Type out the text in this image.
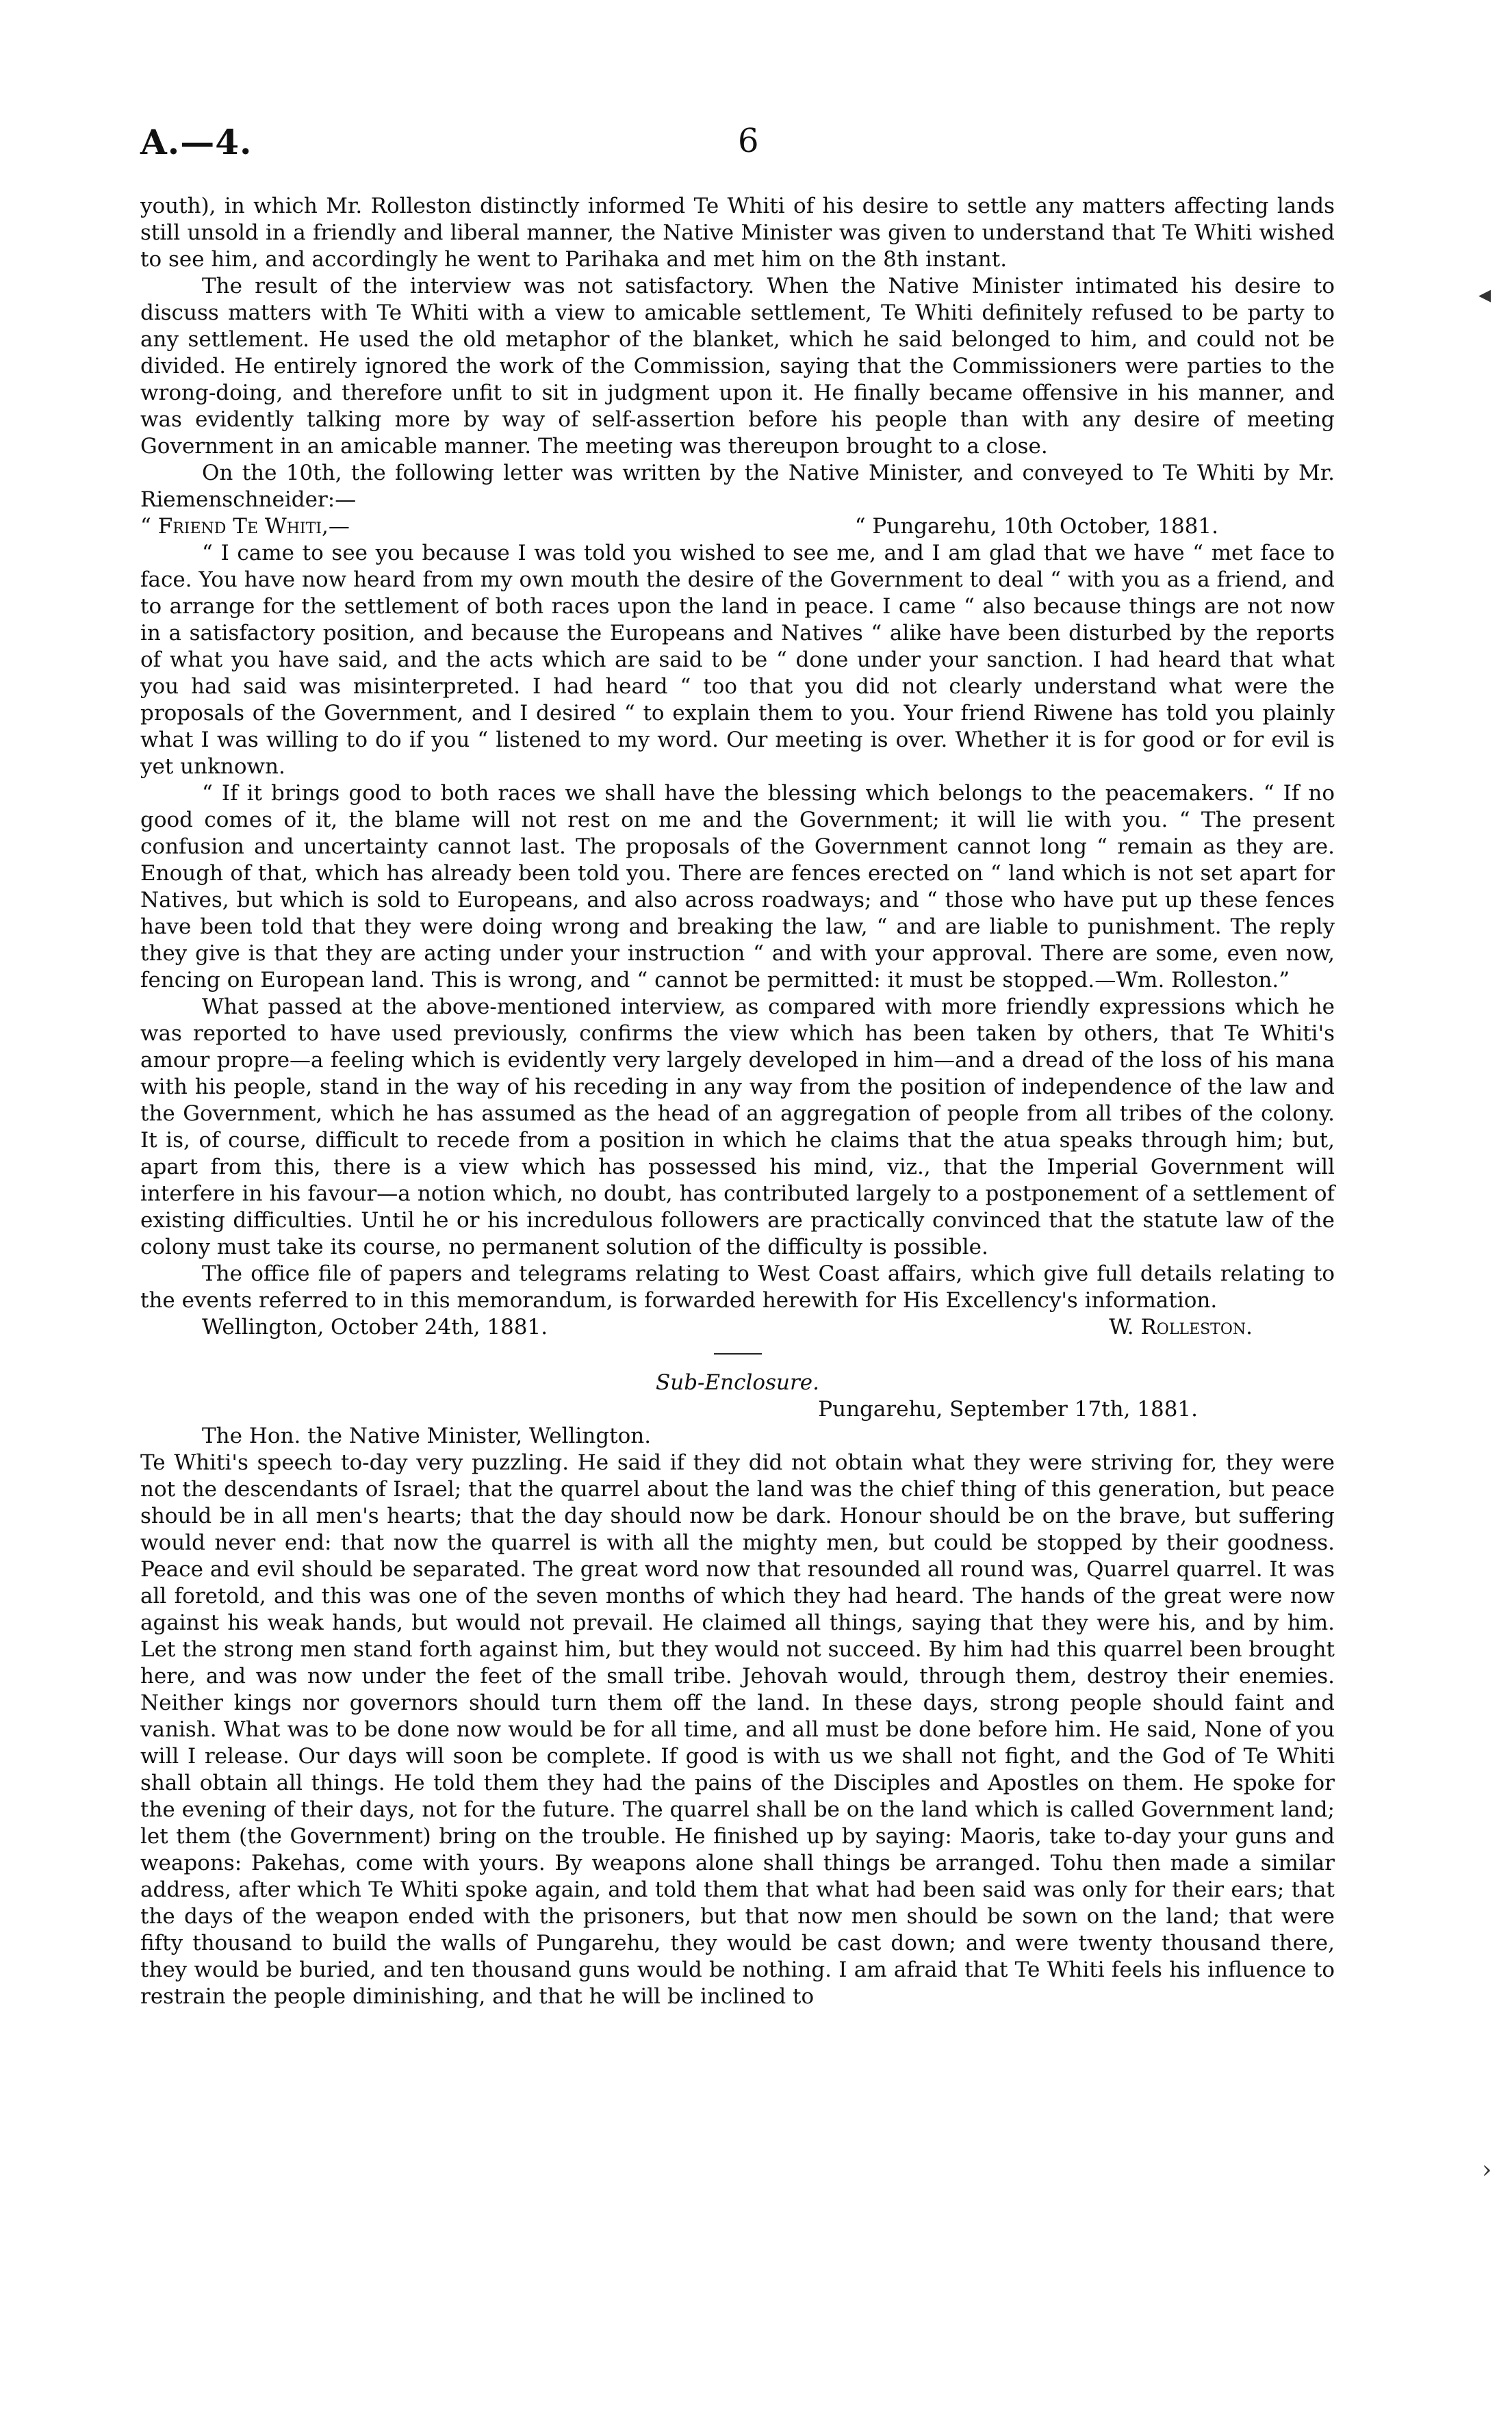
A.—4.	6

youth), in which Mr. Rolleston distinctly informed Te Whiti of his desire to settle any matters affecting lands still unsold in a friendly and liberal manner, the Native Minister was given to understand that Te Whiti wished to see him, and accordingly he went to Parihaka and met him on the 8th instant.

The result of the interview was not satisfactory. When the Native Minister intimated his desire to discuss matters with Te Whiti with a view to amicable settlement, Te Whiti definitely refused to be party to any settlement. He used the old metaphor of the blanket, which he said belonged to him, and could not be divided. He entirely ignored the work of the Commission, saying that the Commissioners were parties to the wrong-doing, and therefore unfit to sit in judgment upon it. He finally became offensive in his manner, and was evidently talking more by way of self-assertion before his people than with any desire of meeting Government in an amicable manner. The meeting was thereupon brought to a close.

On the 10th, the following letter was written by the Native Minister, and conveyed to Te Whiti by Mr. Riemenschneider:—

“ Friend Te Whiti,—	“ Pungarehu, 10th October, 1881.

“ I came to see you because I was told you wished to see me, and I am glad that we have “ met face to face. You have now heard from my own mouth the desire of the Government to deal “ with you as a friend, and to arrange for the settlement of both races upon the land in peace. I came “ also because things are not now in a satisfactory position, and because the Europeans and Natives “ alike have been disturbed by the reports of what you have said, and the acts which are said to be “ done under your sanction. I had heard that what you had said was misinterpreted. I had heard “ too that you did not clearly understand what were the proposals of the Government, and I desired “ to explain them to you. Your friend Riwene has told you plainly what I was willing to do if you “ listened to my word. Our meeting is over. Whether it is for good or for evil is yet unknown.

“ If it brings good to both races we shall have the blessing which belongs to the peacemakers. “ If no good comes of it, the blame will not rest on me and the Government; it will lie with you. “ The present confusion and uncertainty cannot last. The proposals of the Government cannot long “ remain as they are. Enough of that, which has already been told you. There are fences erected on “ land which is not set apart for Natives, but which is sold to Europeans, and also across roadways; and “ those who have put up these fences have been told that they were doing wrong and breaking the law, “ and are liable to punishment. The reply they give is that they are acting under your instruction “ and with your approval. There are some, even now, fencing on European land. This is wrong, and “ cannot be permitted: it must be stopped.—Wm. Rolleston.”

What passed at the above-mentioned interview, as compared with more friendly expressions which he was reported to have used previously, confirms the view which has been taken by others, that Te Whiti's amour propre—a feeling which is evidently very largely developed in him—and a dread of the loss of his mana with his people, stand in the way of his receding in any way from the position of independence of the law and the Government, which he has assumed as the head of an aggregation of people from all tribes of the colony. It is, of course, difficult to recede from a position in which he claims that the atua speaks through him; but, apart from this, there is a view which has possessed his mind, viz., that the Imperial Government will interfere in his favour—a notion which, no doubt, has contributed largely to a postponement of a settlement of existing difficulties. Until he or his incredulous followers are practically convinced that the statute law of the colony must take its course, no permanent solution of the difficulty is possible.

The office file of papers and telegrams relating to West Coast affairs, which give full details relating to the events referred to in this memorandum, is forwarded herewith for His Excellency's information.

Wellington, October 24th, 1881.	W. Rolleston.

Sub-Enclosure.

Pungarehu, September 17th, 1881.

The Hon. the Native Minister, Wellington.

Te Whiti's speech to-day very puzzling. He said if they did not obtain what they were striving for, they were not the descendants of Israel; that the quarrel about the land was the chief thing of this generation, but peace should be in all men's hearts; that the day should now be dark. Honour should be on the brave, but suffering would never end: that now the quarrel is with all the mighty men, but could be stopped by their goodness. Peace and evil should be separated. The great word now that resounded all round was, Quarrel quarrel. It was all foretold, and this was one of the seven months of which they had heard. The hands of the great were now against his weak hands, but would not prevail. He claimed all things, saying that they were his, and by him. Let the strong men stand forth against him, but they would not succeed. By him had this quarrel been brought here, and was now under the feet of the small tribe. Jehovah would, through them, destroy their enemies. Neither kings nor governors should turn them off the land. In these days, strong people should faint and vanish. What was to be done now would be for all time, and all must be done before him. He said, None of you will I release. Our days will soon be complete. If good is with us we shall not fight, and the God of Te Whiti shall obtain all things. He told them they had the pains of the Disciples and Apostles on them. He spoke for the evening of their days, not for the future. The quarrel shall be on the land which is called Government land; let them (the Government) bring on the trouble. He finished up by saying: Maoris, take to-day your guns and weapons: Pakehas, come with yours. By weapons alone shall things be arranged. Tohu then made a similar address, after which Te Whiti spoke again, and told them that what had been said was only for their ears; that the days of the weapon ended with the prisoners, but that now men should be sown on the land; that were fifty thousand to build the walls of Pungarehu, they would be cast down; and were twenty thousand there, they would be buried, and ten thousand guns would be nothing. I am afraid that Te Whiti feels his influence to restrain the people diminishing, and that he will be inclined to

◂
›
